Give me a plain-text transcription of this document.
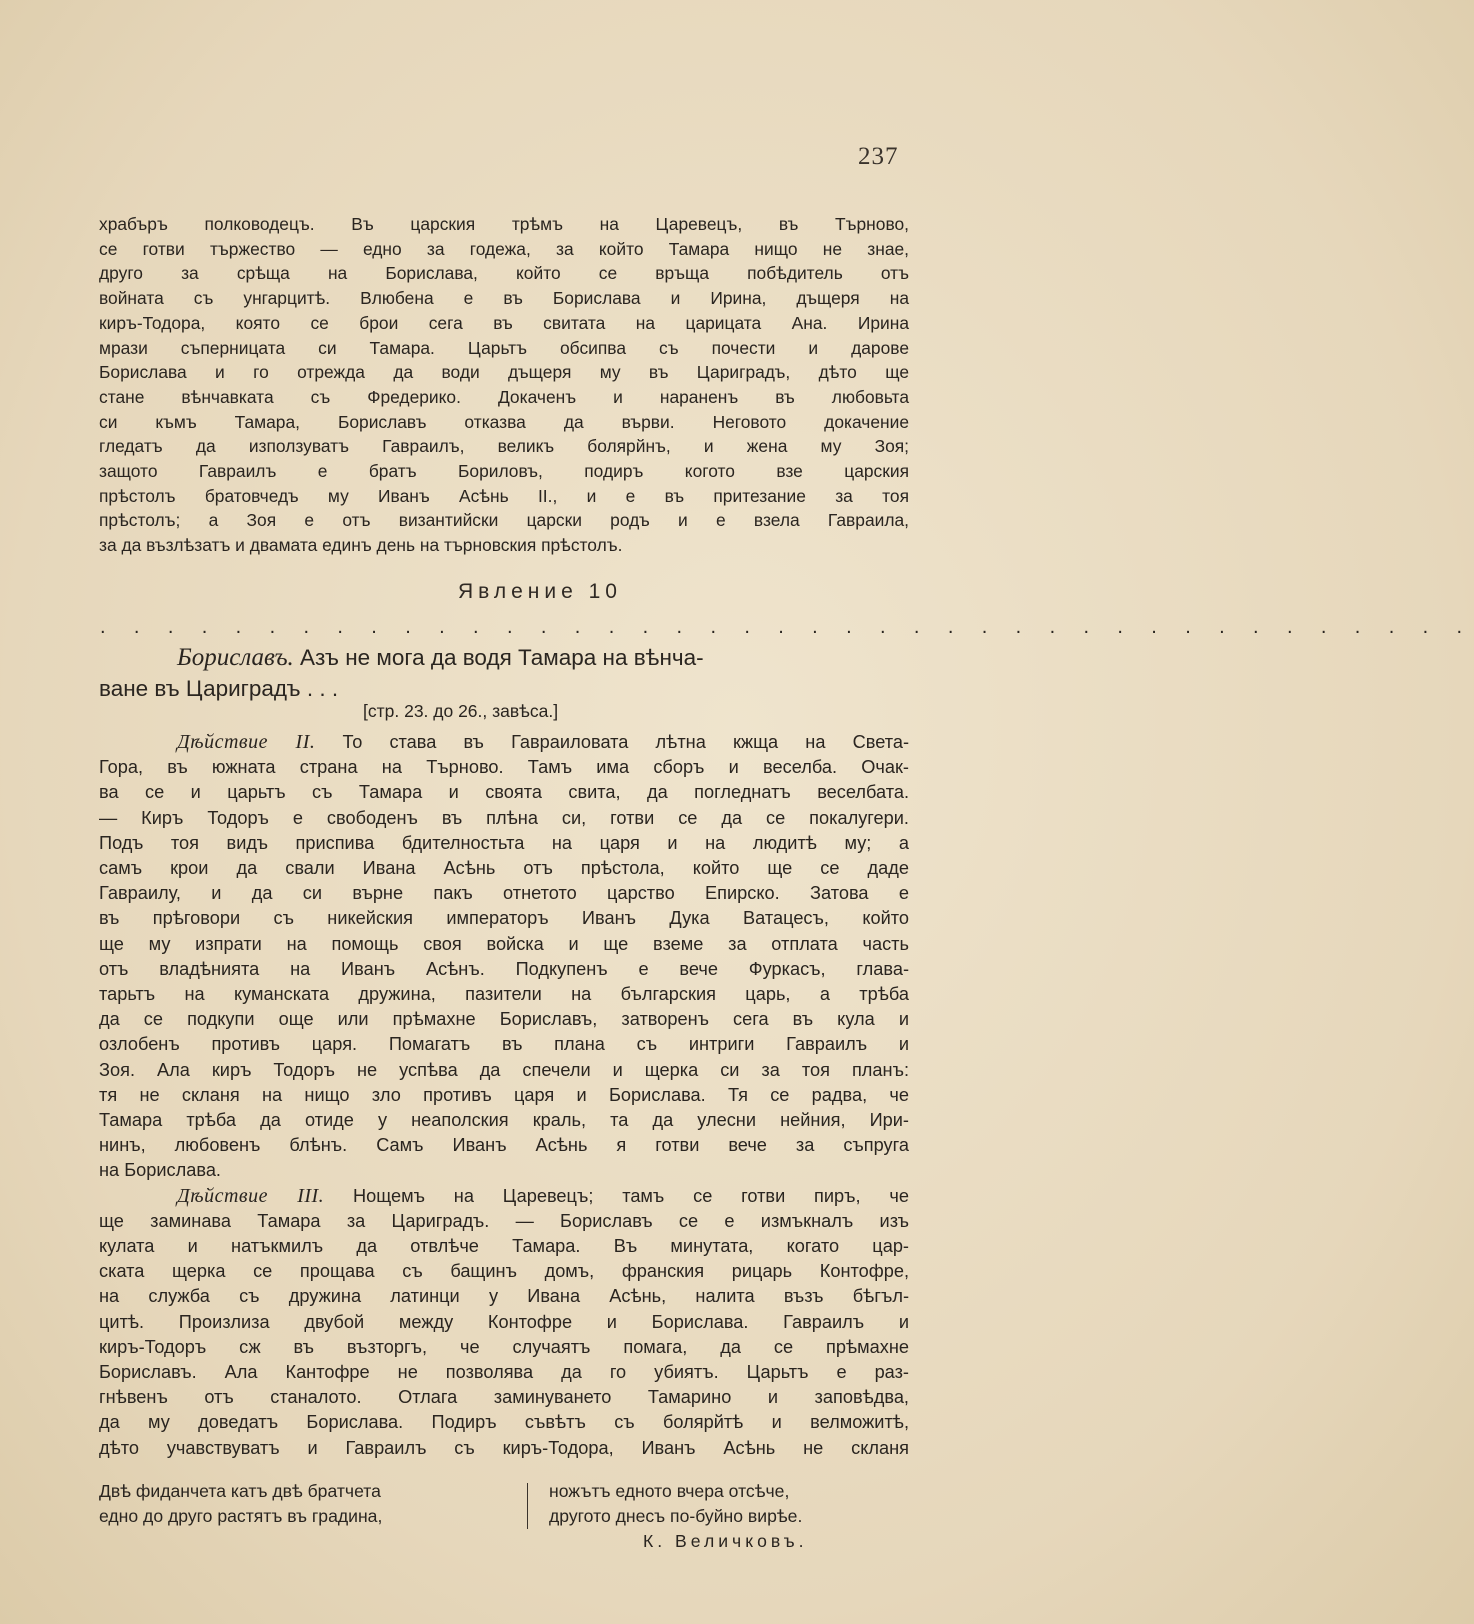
237
храбъръ полководецъ. Въ царския трѣмъ на Царевецъ, въ Търново,
се готви тържество — едно за годежа, за който Тамара нищо не знае,
друго за срѣща на Борислава, който се връща побѣдитель отъ
войната съ унгарцитѣ. Влюбена е въ Борислава и Ирина, дъщеря на
киръ-Тодора, която се брои сега въ свитата на царицата Ана. Ирина
мрази съперницата си Тамара. Царьтъ обсипва съ почести и дарове
Борислава и го отрежда да води дъщеря му въ Цариградъ, дѣто ще
стане вѣнчавката съ Фредерико. Докаченъ и нараненъ въ любовьта
си къмъ Тамара, Бориславъ отказва да върви. Неговото докачение
гледатъ да използуватъ Гавраилъ, великъ болярйнъ, и жена му Зоя;
защото Гавраилъ е братъ Бориловъ, подиръ когото взе царския
прѣстолъ братовчедъ му Иванъ Асѣнь II., и е въ притезание за тоя
прѣстолъ; а Зоя е отъ византийски царски родъ и е взела Гавраила,
за да възлѣзатъ и двамата единъ день на търновския прѣстолъ.
Явление 10
. . . . . . . . . . . . . . . . . . . . . . . . . . . . . . . . . . . . . . . . .
Бориславъ. Азъ не мога да водя Тамара на вѣнча-
ване въ Цариградъ . . .
[стр. 23. до 26., завѣса.]
Дѣйствие II. То става въ Гавраиловата лѣтна кжща на Света-
Гора, въ южната страна на Търново. Тамъ има сборъ и веселба. Очак-
ва се и царьтъ съ Тамара и своята свита, да погледнатъ веселбата.
— Киръ Тодоръ е свободенъ въ плѣна си, готви се да се покалугери.
Подъ тоя видъ приспива бдителностьта на царя и на людитѣ му; а
самъ крои да свали Ивана Асѣнь отъ прѣстола, който ще се даде
Гавраилу, и да си върне пакъ отнетото царство Епирско. Затова е
въ прѣговори съ никейския императоръ Иванъ Дука Ватацесъ, който
ще му изпрати на помощь своя войска и ще вземе за отплата часть
отъ владѣнията на Иванъ Асѣнъ. Подкупенъ е вече Фуркасъ, глава-
тарьтъ на куманската дружина, пазители на българския царь, а трѣба
да се подкупи още или прѣмахне Бориславъ, затворенъ сега въ кула и
озлобенъ противъ царя. Помагатъ въ плана съ интриги Гавраилъ и
Зоя. Ала киръ Тодоръ не успѣва да спечели и щерка си за тоя планъ:
тя не скланя на нищо зло противъ царя и Борислава. Тя се радва, че
Тамара трѣба да отиде у неаполския краль, та да улесни нейния, Ири-
нинъ, любовенъ блѣнъ. Самъ Иванъ Асѣнь я готви вече за съпруга
на Борислава.
Дѣйствие III. Нощемъ на Царевецъ; тамъ се готви пиръ, че
ще заминава Тамара за Цариградъ. — Бориславъ се е измъкналъ изъ
кулата и натъкмилъ да отвлѣче Тамара. Въ минутата, когато цар-
ската щерка се прощава съ бащинъ домъ, франския рицарь Контофре,
на служба съ дружина латинци у Ивана Асѣнь, налита възъ бѣгъл-
цитѣ. Произлиза двубой между Контофре и Борислава. Гавраилъ и
киръ-Тодоръ сж въ възторгъ, че случаятъ помага, да се прѣмахне
Бориславъ. Ала Кантофре не позволява да го убиятъ. Царьтъ е раз-
гнѣвенъ отъ станалото. Отлага заминуването Тамарино и заповѣдва,
да му доведатъ Борислава. Подиръ съвѣтъ съ болярйтѣ и велможитѣ,
дѣто учавствуватъ и Гавраилъ съ киръ-Тодора, Иванъ Асѣнь не скланя
Двѣ фиданчета катъ двѣ братчета
едно до друго растятъ въ градина,
ножътъ едното вчера отсѣче,
другото днесъ по-буйно вирѣе.
К. Величковъ.
